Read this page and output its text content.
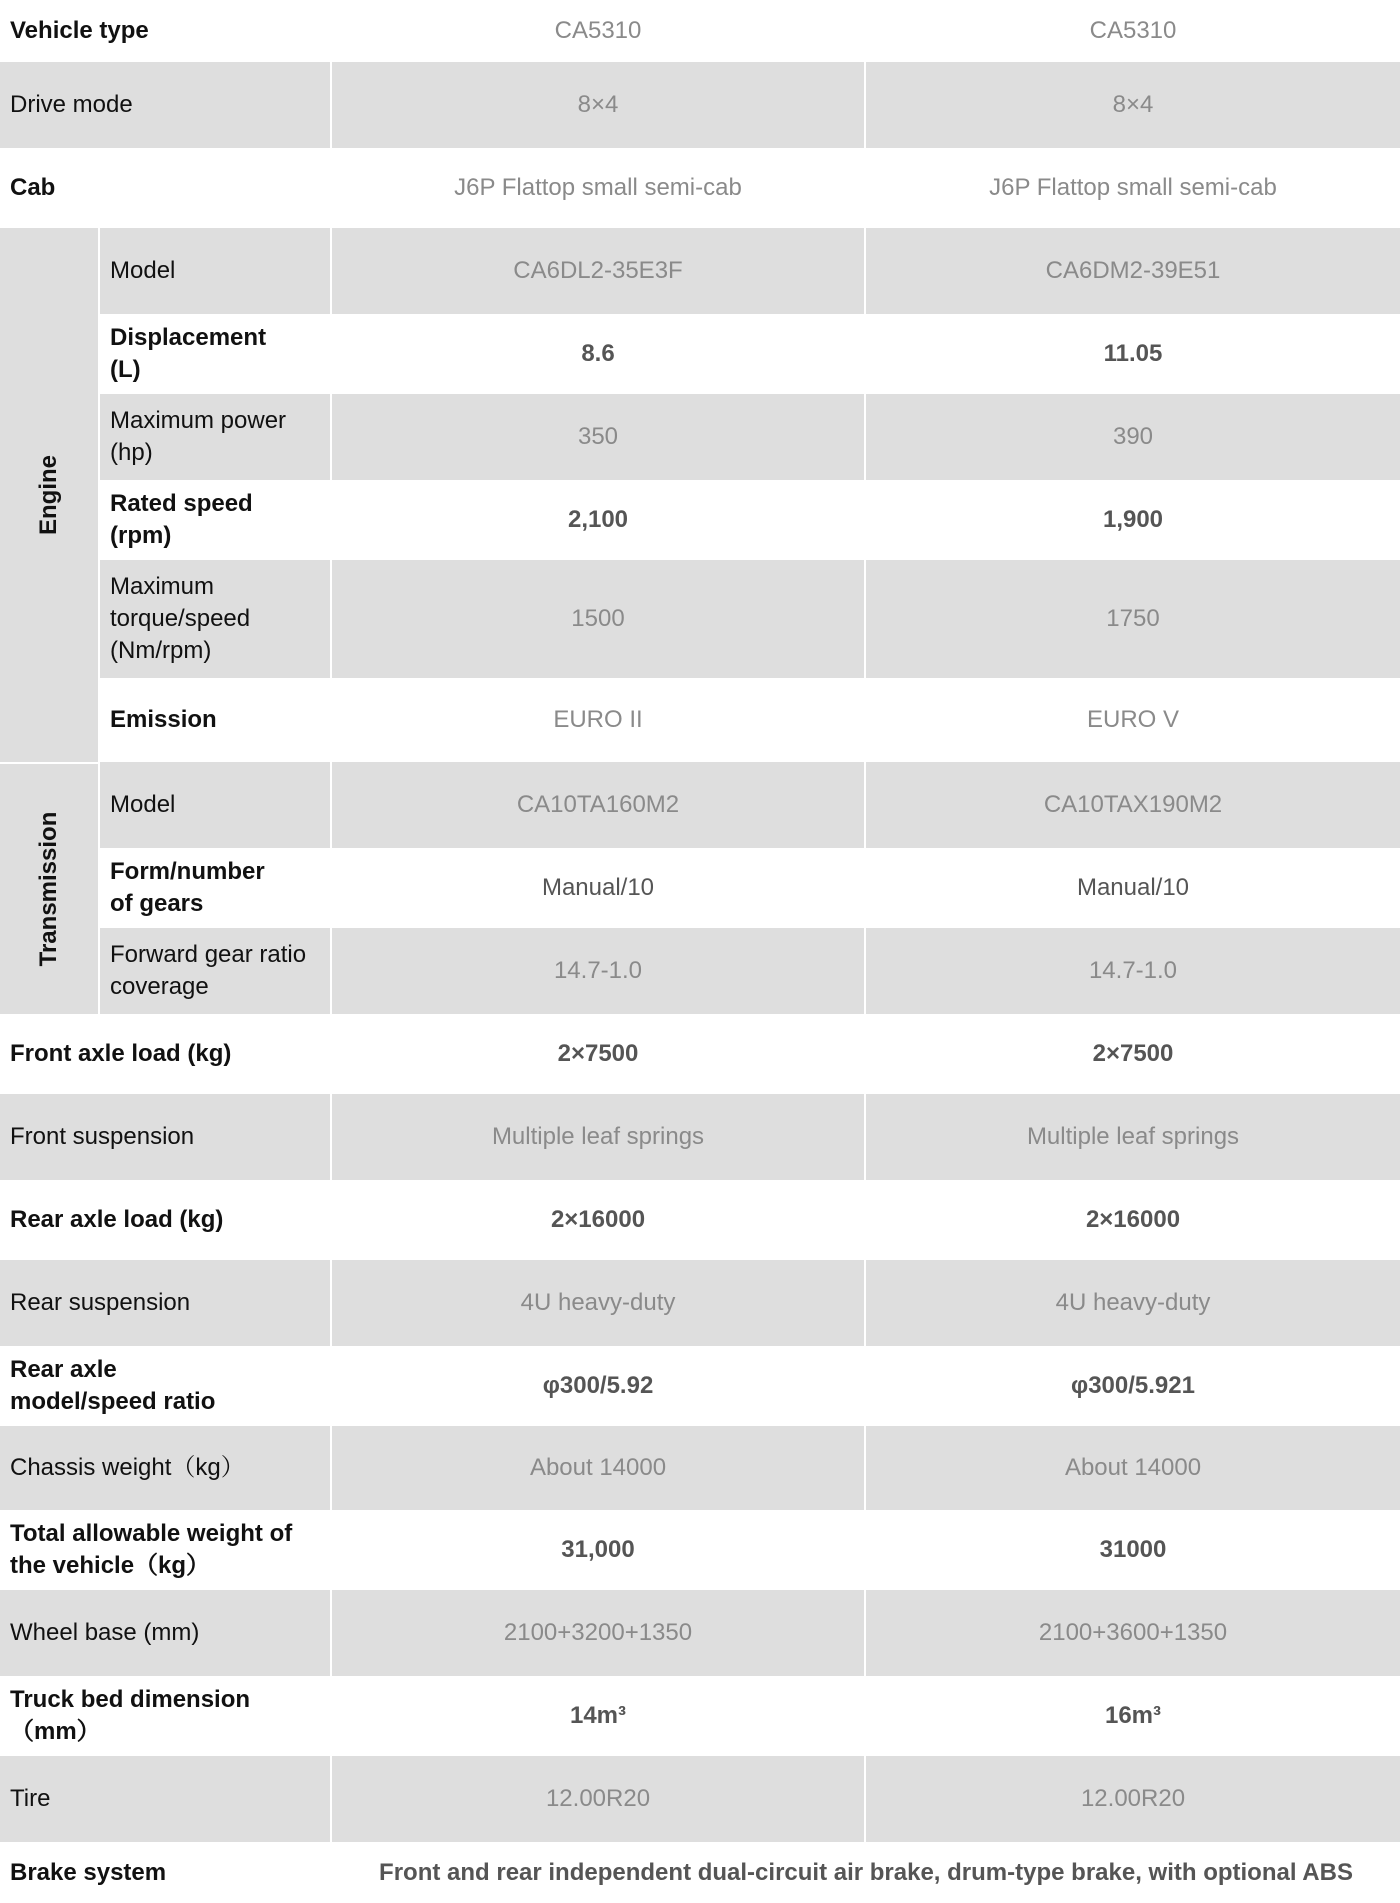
Vehicle type	CA5310	CA5310
Drive mode	8×4	8×4
Cab	J6P Flattop small semi-cab	J6P Flattop small semi-cab
Model	CA6DL2-35E3F	CA6DM2-39E51
Displacement
(L)
8.6	11.05
Maximum power
(hp)
350	390
Rated speed
(rpm)
2,100	1,900
Maximum
torque/speed
(Nm/rpm)
1500	1750
Emission	EURO II	EURO V
Engine
Model	CA10TA160M2	CA10TAX190M2
Form/number
of gears
Manual/10	Manual/10
Forward gear ratio
coverage
14.7-1.0	14.7-1.0
Transmission
Front axle load (kg)	2×7500	2×7500
Front suspension	Multiple leaf springs	Multiple leaf springs
Rear axle load (kg)	2×16000	2×16000
Rear suspension	4U heavy-duty	4U heavy-duty
Rear axle
model/speed ratio
φ300/5.92	φ300/5.921
Chassis weight（kg）	About 14000	About 14000
Total allowable weight of
the vehicle（kg）
31,000	31000
Wheel base (mm)	2100+3200+1350	2100+3600+1350
Truck bed dimension
（mm）
14m³	16m³
Tire	12.00R20	12.00R20
Brake system	Front and rear independent dual-circuit air brake, drum-type brake, with optional ABS
